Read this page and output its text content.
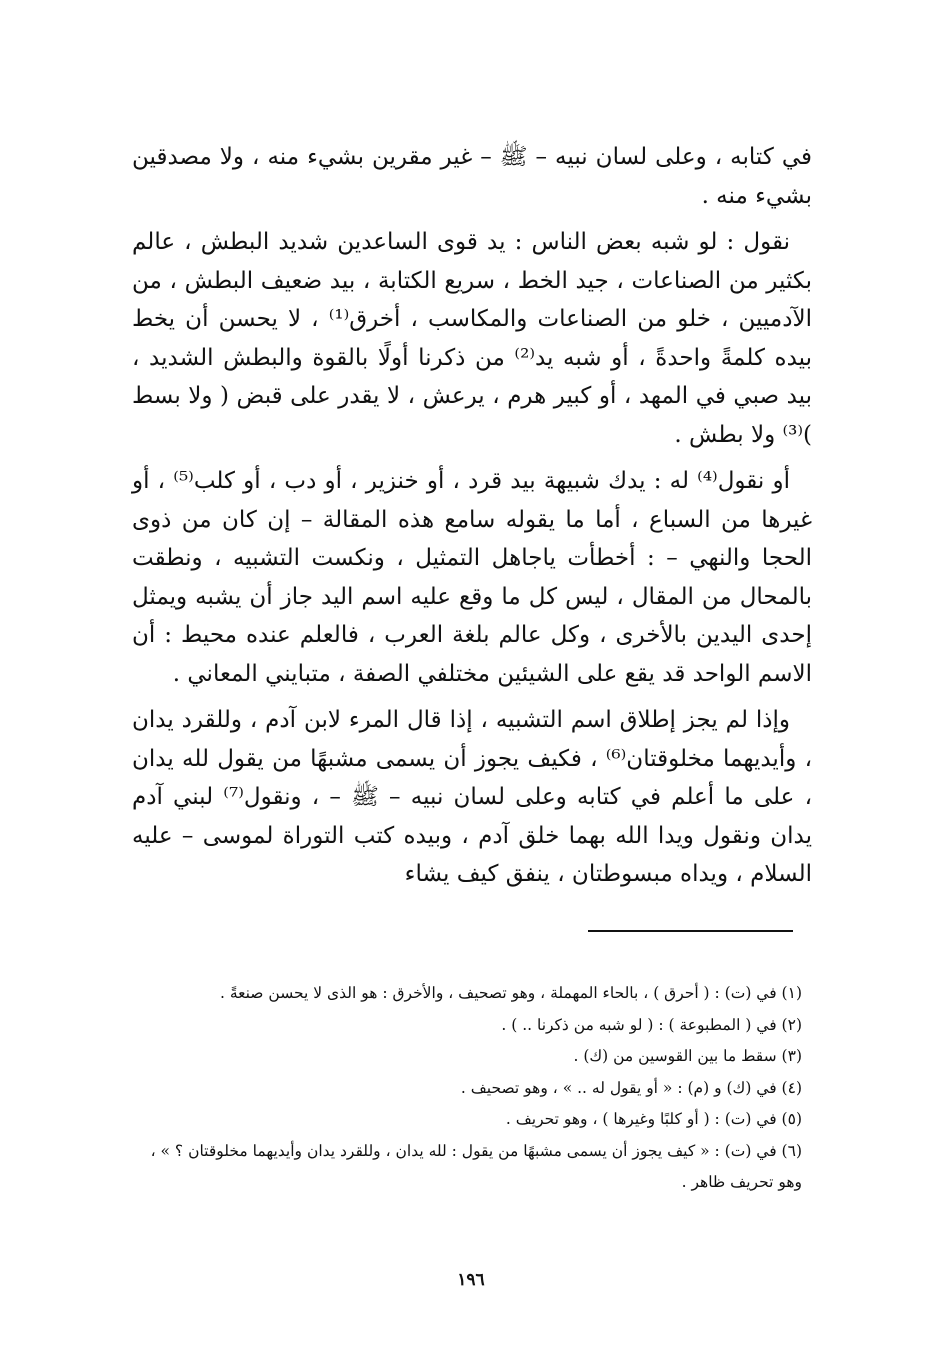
في كتابه ، وعلى لسان نبيه – ﷺ – غير مقرين بشيء منه ، ولا مصدقين بشيء منه .

نقول : لو شبه بعض الناس : يد قوى الساعدين شديد البطش ، عالم بكثير من الصناعات ، جيد الخط ، سريع الكتابة ، بيد ضعيف البطش ، من الآدميين ، خلو من الصناعات والمكاسب ، أخرق⁽¹⁾ ، لا يحسن أن يخط بيده كلمةً واحدةً ، أو شبه يد⁽²⁾ من ذكرنا أولًا بالقوة والبطش الشديد ، بيد صبي في المهد ، أو كبير هرم ، يرعش ، لا يقدر على قبض ( ولا بسط )⁽³⁾ ولا بطش .

أو نقول⁽⁴⁾ له : يدك شبيهة بيد قرد ، أو خنزير ، أو دب ، أو كلب⁽⁵⁾ ، أو غيرها من السباع ، أما ما يقوله سامع هذه المقالة – إن كان من ذوى الحجا والنهي – : أخطأت ياجاهل التمثيل ، ونكست التشبيه ، ونطقت بالمحال من المقال ، ليس كل ما وقع عليه اسم اليد جاز أن يشبه ويمثل إحدى اليدين بالأخرى ، وكل عالم بلغة العرب ، فالعلم عنده محيط : أن الاسم الواحد قد يقع على الشيئين مختلفي الصفة ، متبايني المعاني .

وإذا لم يجز إطلاق اسم التشبيه ، إذا قال المرء لابن آدم ، وللقرد يدان ، وأيديهما مخلوقتان⁽⁶⁾ ، فكيف يجوز أن يسمى مشبهًا من يقول لله يدان ، على ما أعلم في كتابه وعلى لسان نبيه – ﷺ – ، ونقول⁽⁷⁾ لبني آدم يدان ونقول ويدا الله بهما خلق آدم ، وبيده كتب التوراة لموسى – عليه السلام ، ويداه مبسوطتان ، ينفق كيف يشاء

(١) في (ت) : ( أحرق ) ، بالحاء المهملة ، وهو تصحيف ، والأخرق : هو الذى لا يحسن صنعةً .

(٢) في ( المطبوعة ) : ( لو شبه من ذكرنا .. ) .

(٣) سقط ما بين القوسين من (ك) .

(٤) في (ك) و (م) : « أو يقول له .. » ، وهو تصحيف .

(٥) في (ت) : ( أو كلبًا وغيرها ) ، وهو تحريف .

(٦) في (ت) : « كيف يجوز أن يسمى مشبهًا من يقول : لله يدان ، وللقرد يدان وأيديهما مخلوقتان ؟ » ، وهو تحريف ظاهر .

١٩٦
